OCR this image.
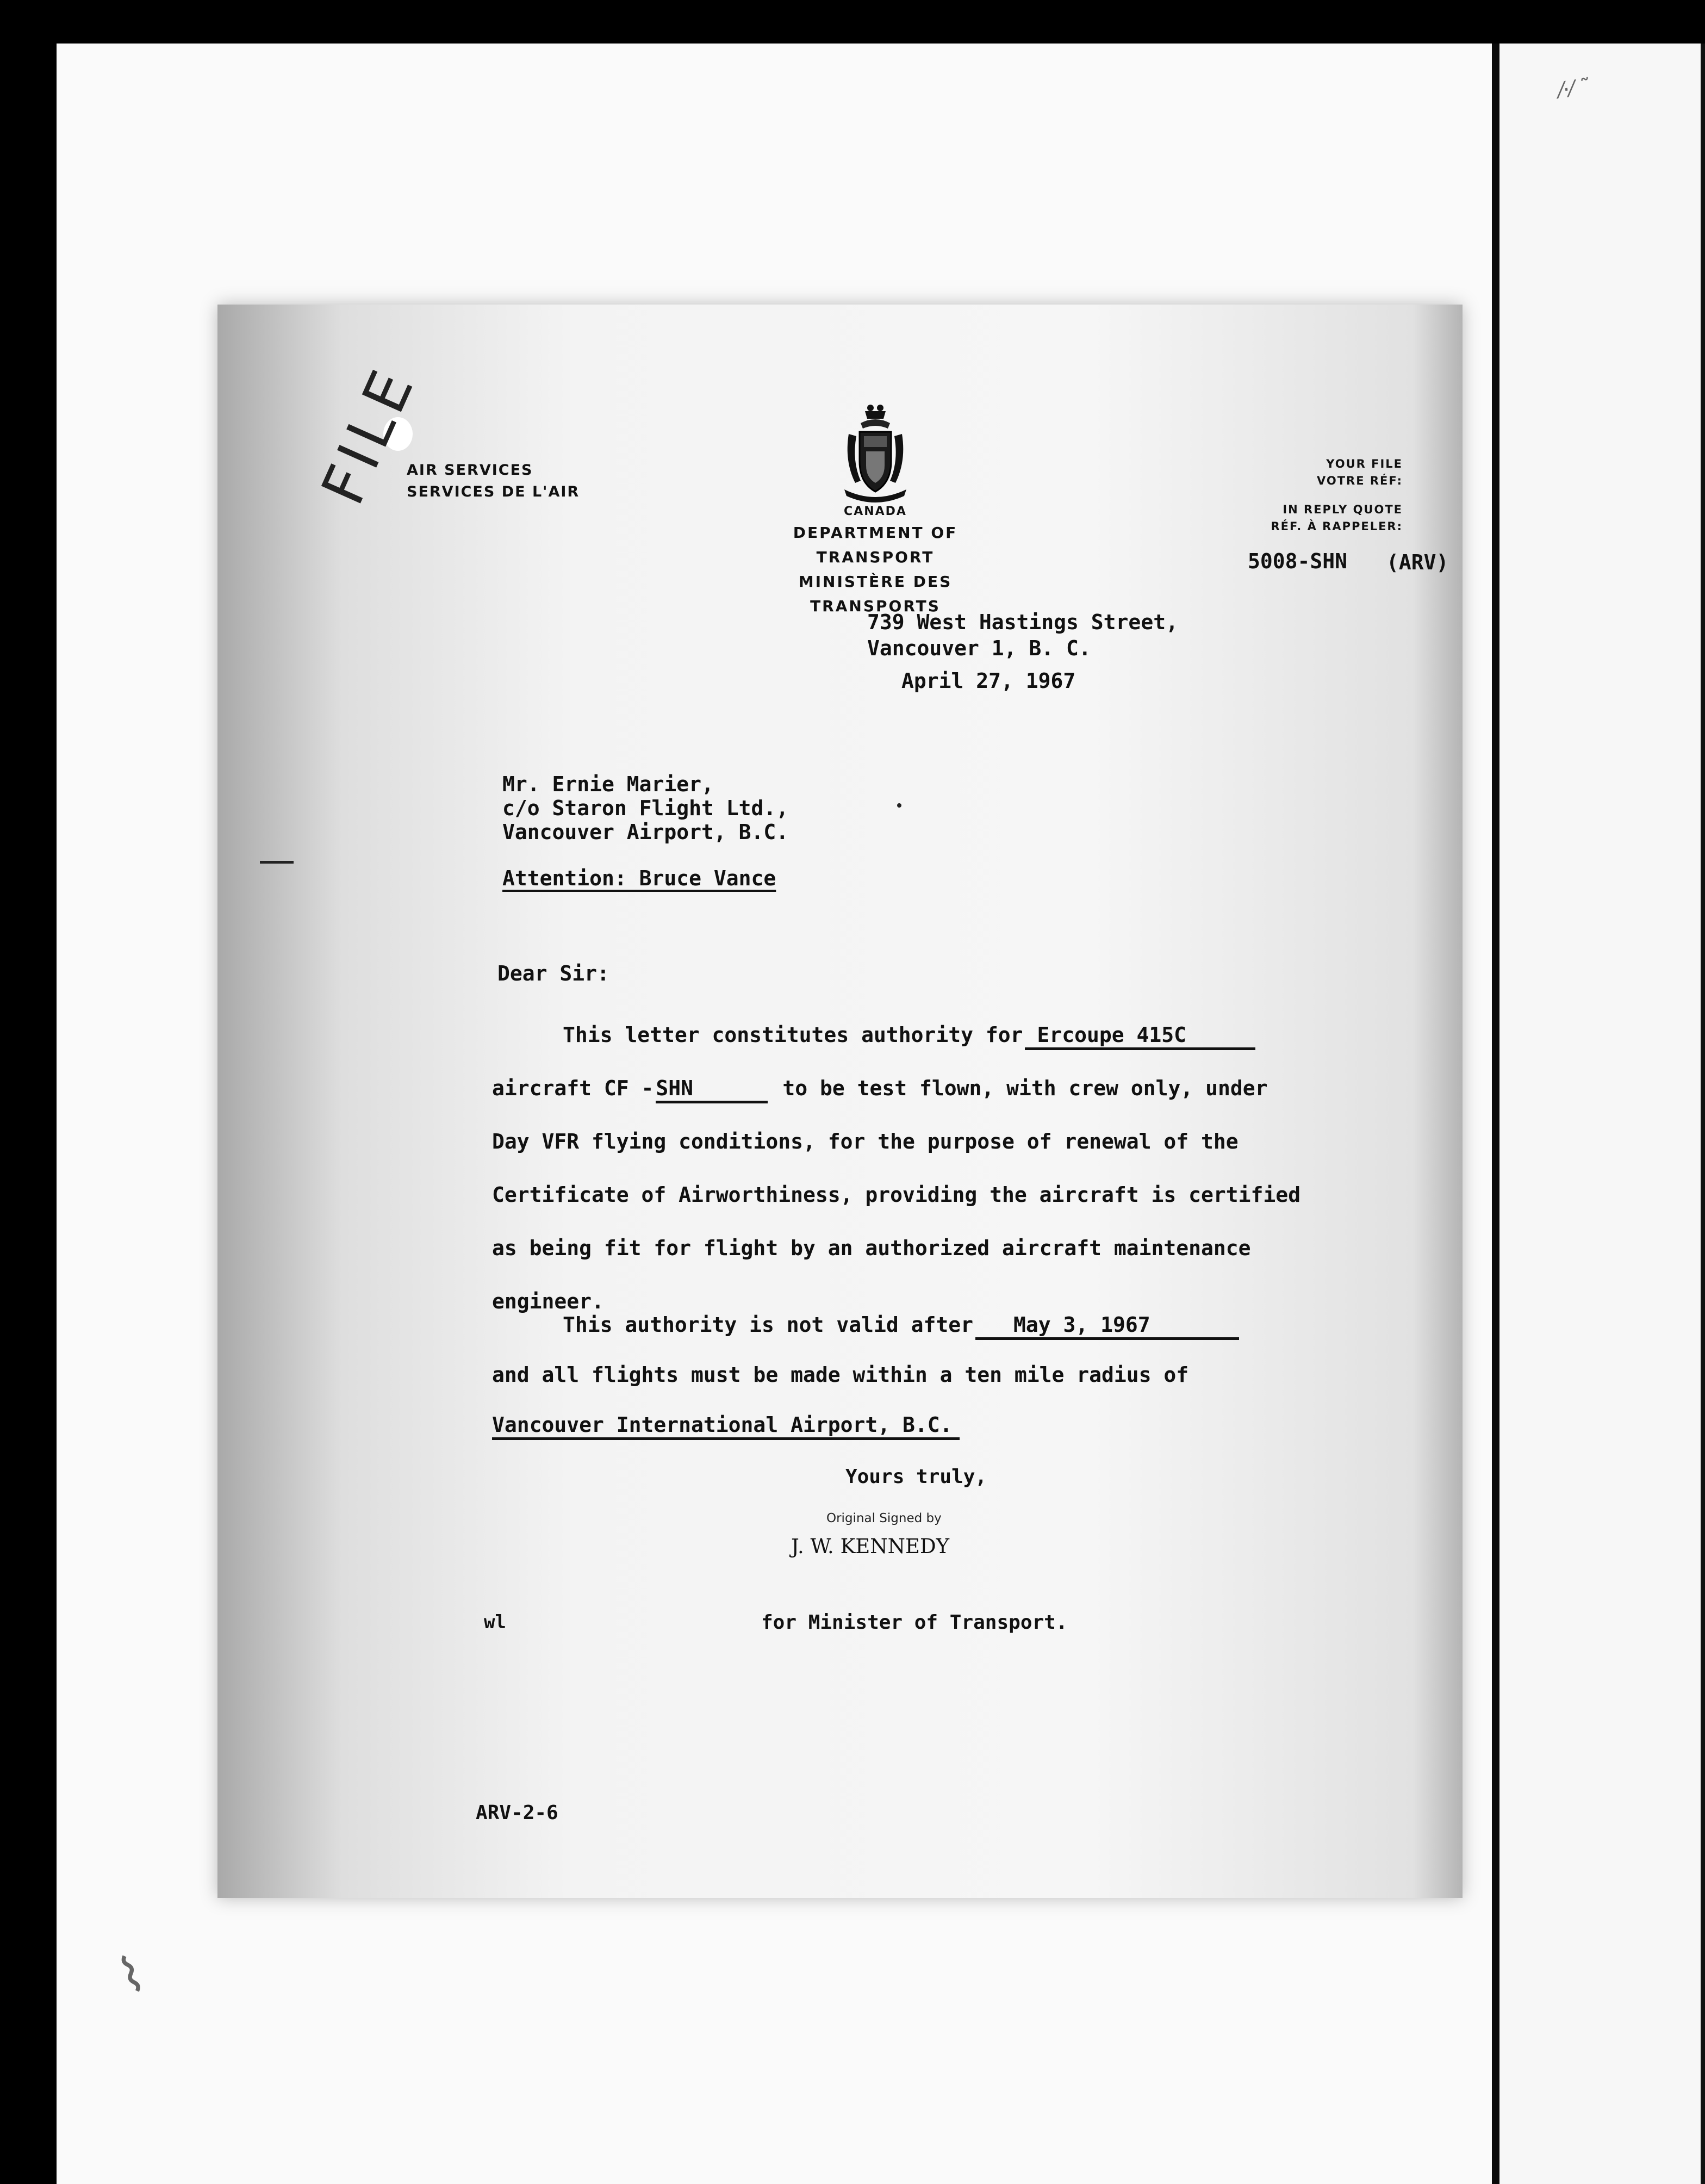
⁄·⁄ ˜
⌇
FILE
AIR SERVICES
SERVICES DE L'AIR
CANADA
DEPARTMENT OF TRANSPORT
MINISTÈRE DES TRANSPORTS
YOUR FILE
VOTRE RÉF:
IN REPLY QUOTE
RÉF. À RAPPELER:
5008-SHN (ARV)
739 West Hastings Street,
Vancouver 1, B. C.
April 27, 1967
Mr. Ernie Marier,
c/o Staron Flight Ltd.,
Vancouver Airport, B.C.
Attention: Bruce Vance
Dear Sir:
This letter constitutes authority for Ercoupe 415C
aircraft CF - SHN	to be test flown, with crew only, under
Day VFR flying conditions, for the purpose of renewal of the
Certificate of Airworthiness, providing the aircraft is certified
as being fit for flight by an authorized aircraft maintenance
engineer.
This authority is not valid after May 3, 1967
and all flights must be made within a ten mile radius of
Vancouver International Airport, B.C.
Yours truly,
Original Signed by
J. W. KENNEDY
wl	for Minister of Transport.
ARV-2-6
